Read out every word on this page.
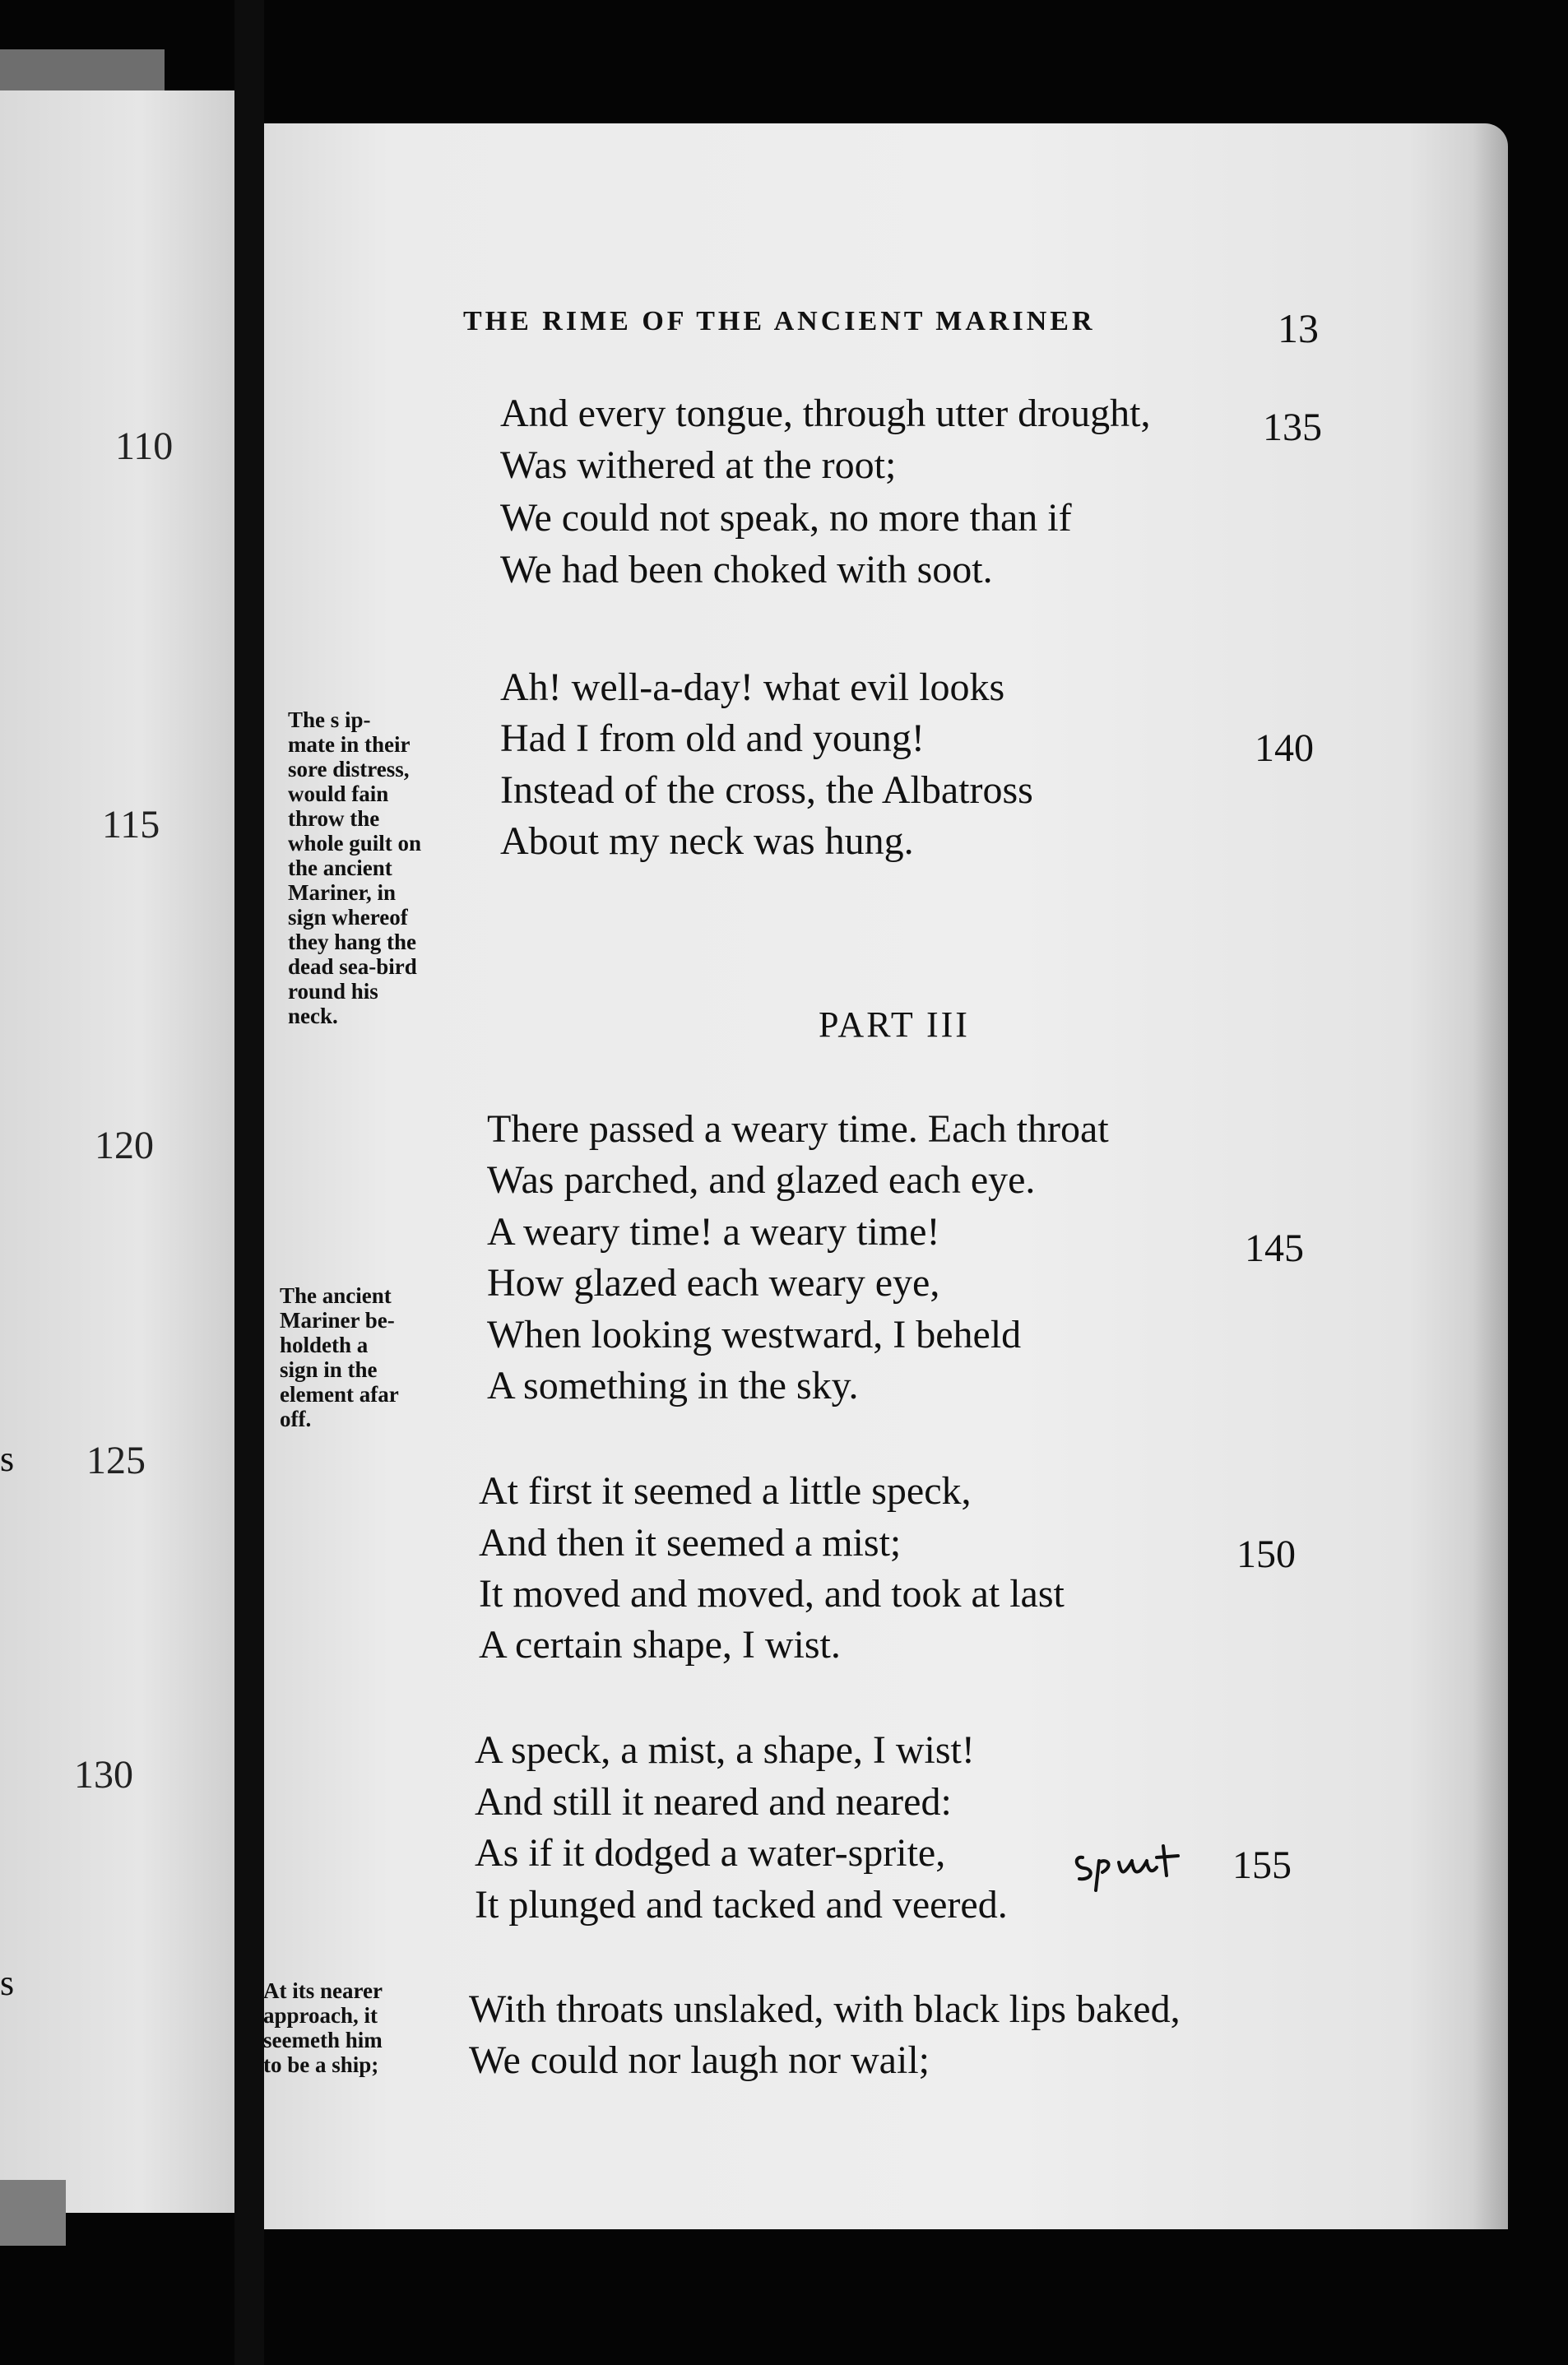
110
115
120
125
130
s
s
THE RIME OF THE ANCIENT MARINER	13
And every tongue, through utter drought,
Was withered at the root;
We could not speak, no more than if
We had been choked with soot.
Ah! well-a-day! what evil looks
Had I from old and young!
Instead of the cross, the Albatross
About my neck was hung.
PART III
There passed a weary time. Each throat
Was parched, and glazed each eye.
A weary time! a weary time!
How glazed each weary eye,
When looking westward, I beheld
A something in the sky.
At first it seemed a little speck,
And then it seemed a mist;
It moved and moved, and took at last
A certain shape, I wist.
A speck, a mist, a shape, I wist!
And still it neared and neared:
As if it dodged a water-sprite,
It plunged and tacked and veered.
With throats unslaked, with black lips baked,
We could nor laugh nor wail;
135
140
145
150
155
The s ip-
mate in their
sore distress,
would fain
throw the
whole guilt on
the ancient
Mariner, in
sign whereof
they hang the
dead sea-bird
round his
neck.
The ancient
Mariner be-
holdeth a
sign in the
element afar
off.
At its nearer
approach, it
seemeth him
to be a ship;
